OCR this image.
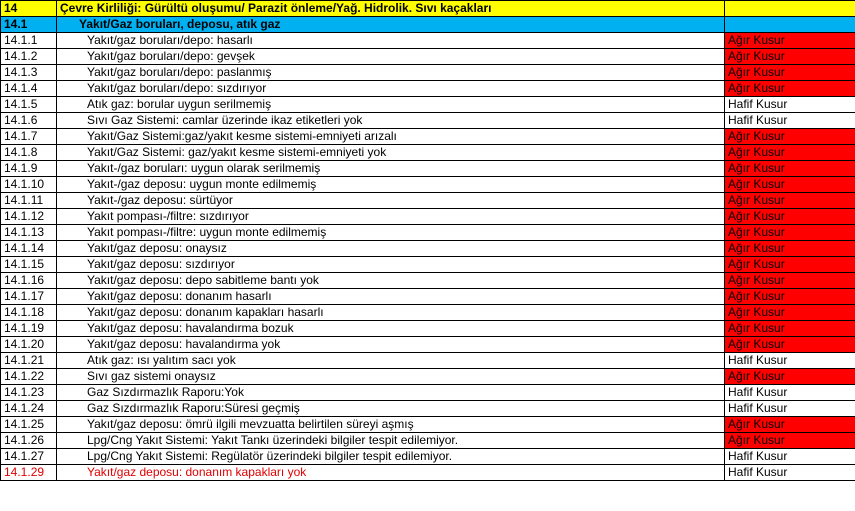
14	Çevre Kirliliği: Gürültü oluşumu/ Parazit önleme/Yağ. Hidrolik. Sıvı kaçakları	
14.1	Yakıt/Gaz boruları, deposu, atık gaz	
14.1.1	Yakıt/gaz boruları/depo: hasarlı	Ağır Kusur
14.1.2	Yakıt/gaz boruları/depo: gevşek	Ağır Kusur
14.1.3	Yakıt/gaz boruları/depo: paslanmış	Ağır Kusur
14.1.4	Yakıt/gaz boruları/depo: sızdırıyor	Ağır Kusur
14.1.5	Atık gaz: borular uygun serilmemiş	Hafif Kusur
14.1.6	Sıvı Gaz Sistemi: camlar üzerinde ikaz etiketleri yok	Hafif Kusur
14.1.7	Yakıt/Gaz Sistemi:gaz/yakıt kesme sistemi-emniyeti arızalı	Ağır Kusur
14.1.8	Yakıt/Gaz Sistemi: gaz/yakıt kesme sistemi-emniyeti yok	Ağır Kusur
14.1.9	Yakıt-/gaz boruları: uygun olarak serilmemiş	Ağır Kusur
14.1.10	Yakıt-/gaz deposu: uygun monte edilmemiş	Ağır Kusur
14.1.11	Yakıt-/gaz deposu: sürtüyor	Ağır Kusur
14.1.12	Yakıt pompası-/filtre: sızdırıyor	Ağır Kusur
14.1.13	Yakıt pompası-/filtre: uygun monte edilmemiş	Ağır Kusur
14.1.14	Yakıt/gaz deposu: onaysız	Ağır Kusur
14.1.15	Yakıt/gaz deposu: sızdırıyor	Ağır Kusur
14.1.16	Yakıt/gaz deposu: depo sabitleme bantı yok	Ağır Kusur
14.1.17	Yakıt/gaz deposu: donanım hasarlı	Ağır Kusur
14.1.18	Yakıt/gaz deposu: donanım kapakları hasarlı	Ağır Kusur
14.1.19	Yakıt/gaz deposu: havalandırma bozuk	Ağır Kusur
14.1.20	Yakıt/gaz deposu: havalandırma yok	Ağır Kusur
14.1.21	Atık gaz: ısı yalıtım sacı yok	Hafif Kusur
14.1.22	Sıvı gaz sistemi onaysız	Ağır Kusur
14.1.23	Gaz Sızdırmazlık Raporu:Yok	Hafif Kusur
14.1.24	Gaz Sızdırmazlık Raporu:Süresi geçmiş	Hafif Kusur
14.1.25	Yakıt/gaz deposu: ömrü ilgili mevzuatta belirtilen süreyi aşmış	Ağır Kusur
14.1.26	Lpg/Cng Yakıt Sistemi: Yakıt Tankı üzerindeki bilgiler tespit edilemiyor.	Ağır Kusur
14.1.27	Lpg/Cng Yakıt Sistemi: Regülatör üzerindeki bilgiler tespit edilemiyor.	Hafif Kusur
14.1.29	Yakıt/gaz deposu: donanım kapakları yok	Hafif Kusur
